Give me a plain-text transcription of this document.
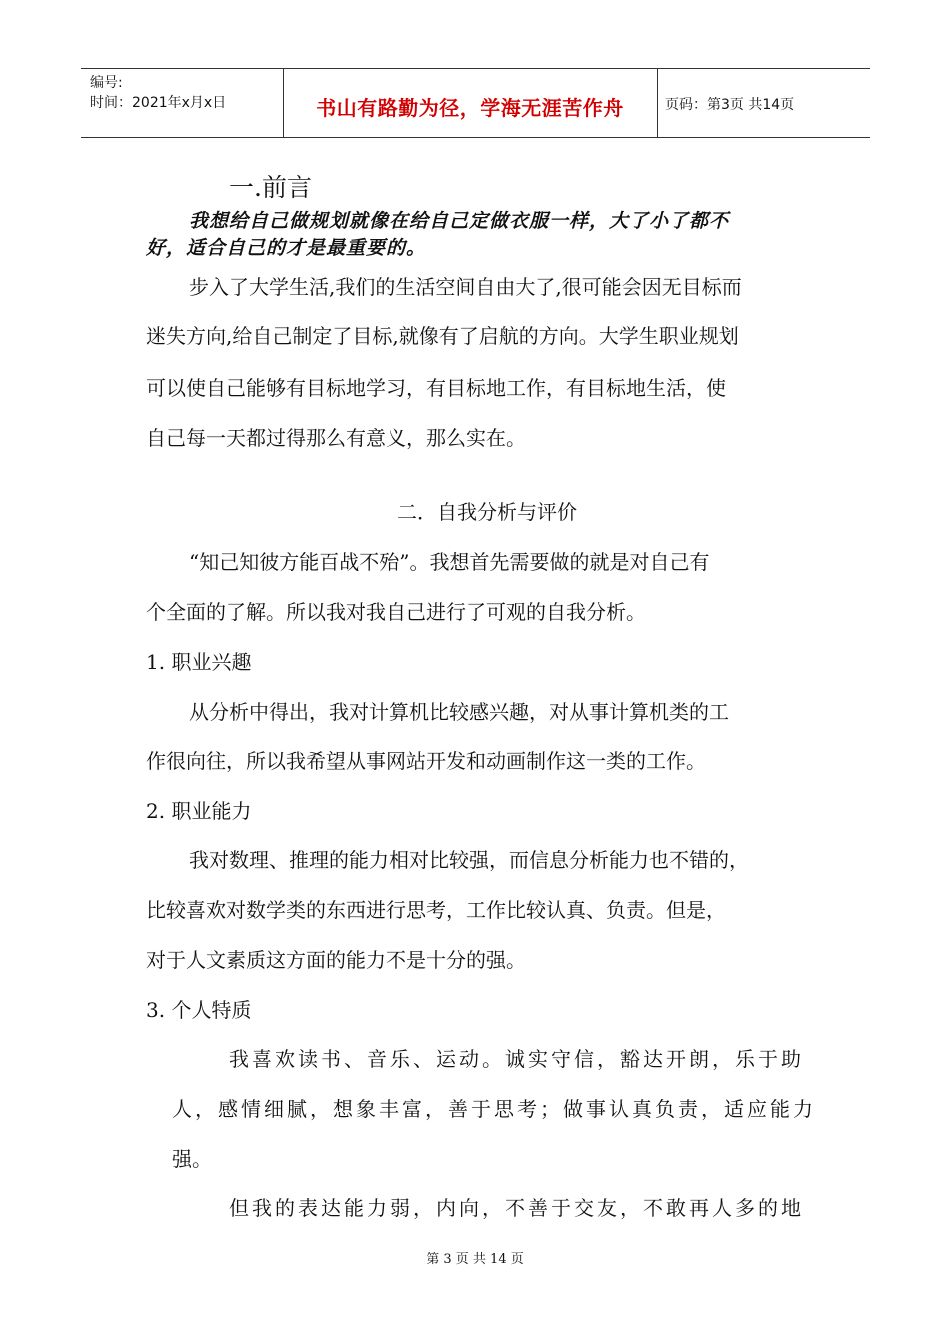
编号:
时间：2021年x月x日	书山有路勤为径，学海无涯苦作舟	页码：第3页 共14页
一.前言
我想给自己做规划就像在给自己定做衣服一样，大了小了都不
好，适合自己的才是最重要的。
步入了大学生活,我们的生活空间自由大了,很可能会因无目标而
迷失方向,给自己制定了目标,就像有了启航的方向。大学生职业规划
可以使自己能够有目标地学习，有目标地工作，有目标地生活，使
自己每一天都过得那么有意义，那么实在。
二．自我分析与评价
“知己知彼方能百战不殆”。我想首先需要做的就是对自己有
个全面的了解。所以我对我自己进行了可观的自我分析。
1. 职业兴趣
从分析中得出，我对计算机比较感兴趣，对从事计算机类的工
作很向往，所以我希望从事网站开发和动画制作这一类的工作。
2. 职业能力
我对数理、推理的能力相对比较强，而信息分析能力也不错的，
比较喜欢对数学类的东西进行思考，工作比较认真、负责。但是，
对于人文素质这方面的能力不是十分的强。
3. 个人特质
我喜欢读书、音乐、运动。诚实守信，豁达开朗，乐于助
人，感情细腻，想象丰富，善于思考；做事认真负责，适应能力
强。
但我的表达能力弱，内向，不善于交友，不敢再人多的地
第 3 页 共 14 页
